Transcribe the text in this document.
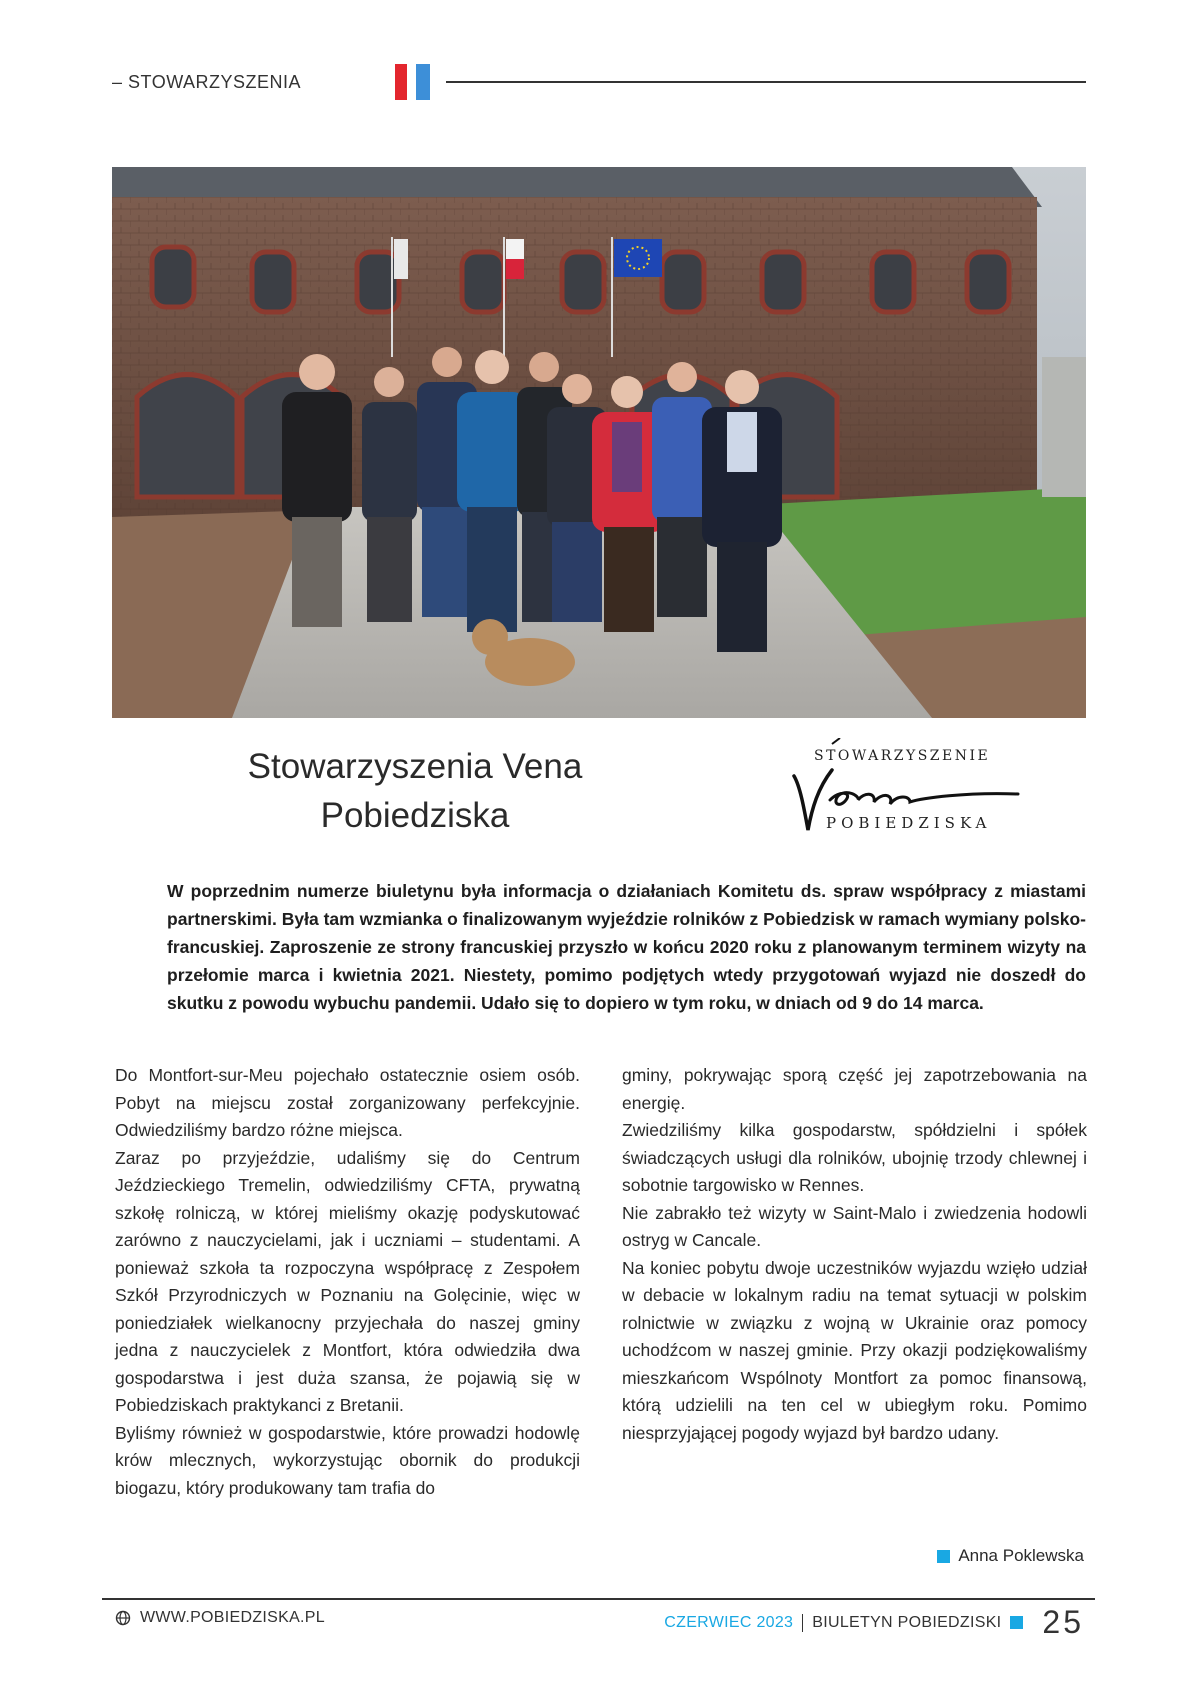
– STOWARZYSZENIA
Stowarzyszenia Vena
Pobiedziska
STOWARZYSZENIE
POBIEDZISKA
W poprzednim numerze biuletynu była informacja o działaniach Komitetu ds. spraw współpracy z miastami partnerskimi. Była tam wzmianka o finalizowanym wyjeździe rolników z Pobiedzisk w ramach wymiany polsko-francuskiej. Zaproszenie ze strony francuskiej przyszło w końcu 2020 roku z planowanym terminem wizyty na przełomie marca i kwietnia 2021. Niestety, pomimo podjętych wtedy przygotowań wyjazd nie doszedł do skutku z powodu wybuchu pandemii. Udało się to dopiero w tym roku, w dniach od 9 do 14 marca.

Do Montfort-sur-Meu pojechało ostatecznie osiem osób. Pobyt na miejscu został zorganizowany perfekcyjnie. Odwiedziliśmy bardzo różne miejsca.

Zaraz po przyjeździe, udaliśmy się do Centrum Jeździeckiego Tremelin, odwiedziliśmy CFTA, prywatną szkołę rolniczą, w której mieliśmy okazję podyskutować zarówno z nauczycielami, jak i uczniami – studentami. A ponieważ szkoła ta rozpoczyna współpracę z Zespołem Szkół Przyrodniczych w Poznaniu na Golęcinie, więc w poniedziałek wielkanocny przyjechała do naszej gminy jedna z nauczycielek z Montfort, która odwiedziła dwa gospodarstwa i jest duża szansa, że pojawią się w Pobiedziskach praktykanci z Bretanii.

Byliśmy również w gospodarstwie, które prowadzi hodowlę krów mlecznych, wykorzystując obornik do produkcji biogazu, który produkowany tam trafia do

gminy, pokrywając sporą część jej zapotrzebowania na energię.

Zwiedziliśmy kilka gospodarstw, spółdzielni i spółek świadczących usługi dla rolników, ubojnię trzody chlewnej i sobotnie targowisko w Rennes.

Nie zabrakło też wizyty w Saint-Malo i zwiedzenia hodowli ostryg w Cancale.

Na koniec pobytu dwoje uczestników wyjazdu wzięło udział w debacie w lokalnym radiu na temat sytuacji w polskim rolnictwie w związku z wojną w Ukrainie oraz pomocy uchodźcom w naszej gminie. Przy okazji podziękowaliśmy mieszkańcom Wspólnoty Montfort za pomoc finansową, którą udzielili na ten cel w ubiegłym roku. Pomimo niesprzyjającej pogody wyjazd był bardzo udany.

Anna Poklewska
WWW.POBIEDZISKA.PL	CZERWIEC 2023 BIULETYN POBIEDZISKI 25
